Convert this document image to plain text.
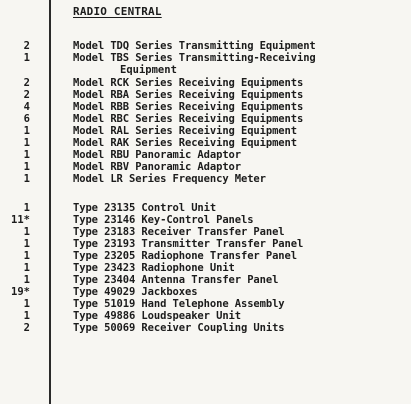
RADIO CENTRAL
2	Model TDQ Series Transmitting Equipment
1	Model TBS Series Transmitting-Receiving
Equipment
2	Model RCK Series Receiving Equipments
2	Model RBA Series Receiving Equipments
4	Model RBB Series Receiving Equipments
6	Model RBC Series Receiving Equipments
1	Model RAL Series Receiving Equipment
1	Model RAK Series Receiving Equipment
1	Model RBU Panoramic Adaptor
1	Model RBV Panoramic Adaptor
1	Model LR Series Frequency Meter
1	Type 23135 Control Unit
11*	Type 23146 Key-Control Panels
1	Type 23183 Receiver Transfer Panel
1	Type 23193 Transmitter Transfer Panel
1	Type 23205 Radiophone Transfer Panel
1	Type 23423 Radiophone Unit
1	Type 23404 Antenna Transfer Panel
19*	Type 49029 Jackboxes
1	Type 51019 Hand Telephone Assembly
1	Type 49886 Loudspeaker Unit
2	Type 50069 Receiver Coupling Units
